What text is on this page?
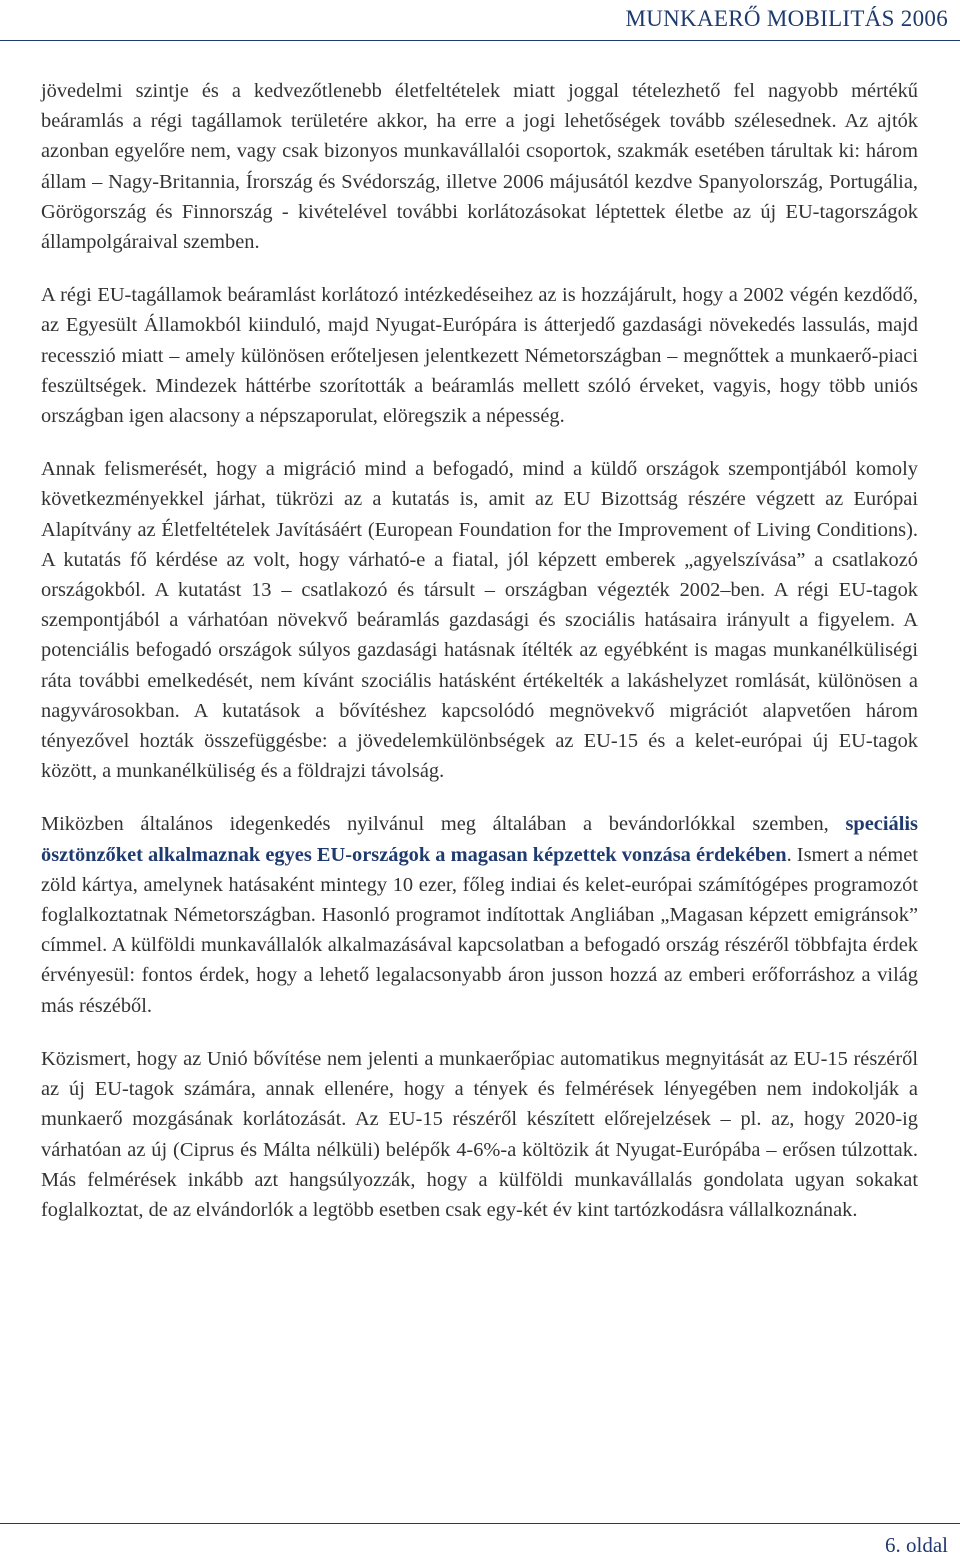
MUNKAERŐ MOBILITÁS 2006

jövedelmi szintje és a kedvezőtlenebb életfeltételek miatt joggal tételezhető fel nagyobb mértékű beáramlás a régi tagállamok területére akkor, ha erre a jogi lehetőségek tovább szélesednek. Az ajtók azonban egyelőre nem, vagy csak bizonyos munkavállalói csoportok, szakmák esetében tárultak ki: három állam – Nagy-Britannia, Írország és Svédország, illetve 2006 májusától kezdve Spanyolország, Portugália, Görögország és Finnország - kivételével további korlátozásokat léptettek életbe az új EU-tagországok állampolgáraival szemben.

A régi EU-tagállamok beáramlást korlátozó intézkedéseihez az is hozzájárult, hogy a 2002 végén kezdődő, az Egyesült Államokból kiinduló, majd Nyugat-Európára is átterjedő gazdasági növekedés lassulás, majd recesszió miatt – amely különösen erőteljesen jelentkezett Németországban – megnőttek a munkaerő-piaci feszültségek. Mindezek háttérbe szorították a beáramlás mellett szóló érveket, vagyis, hogy több uniós országban igen alacsony a népszaporulat, elöregszik a népesség.

Annak felismerését, hogy a migráció mind a befogadó, mind a küldő országok szempontjából komoly következményekkel járhat, tükrözi az a kutatás is, amit az EU Bizottság részére végzett az Európai Alapítvány az Életfeltételek Javításáért (European Foundation for the Improvement of Living Conditions). A kutatás fő kérdése az volt, hogy várható-e a fiatal, jól képzett emberek „agyelszívása” a csatlakozó országokból. A kutatást 13 – csatlakozó és társult – országban végezték 2002–ben. A régi EU-tagok szempontjából a várhatóan növekvő beáramlás gazdasági és szociális hatásaira irányult a figyelem. A potenciális befogadó országok súlyos gazdasági hatásnak ítélték az egyébként is magas munkanélküliségi ráta további emelkedését, nem kívánt szociális hatásként értékelték a lakáshelyzet romlását, különösen a nagyvárosokban. A kutatások a bővítéshez kapcsolódó megnövekvő migrációt alapvetően három tényezővel hozták összefüggésbe: a jövedelemkülönbségek az EU-15 és a kelet-európai új EU-tagok között, a munkanélküliség és a földrajzi távolság.

Miközben általános idegenkedés nyilvánul meg általában a bevándorlókkal szemben, speciális ösztönzőket alkalmaznak egyes EU-országok a magasan képzettek vonzása érdekében. Ismert a német zöld kártya, amelynek hatásaként mintegy 10 ezer, főleg indiai és kelet-európai számítógépes programozót foglalkoztatnak Németországban. Hasonló programot indítottak Angliában „Magasan képzett emigránsok” címmel. A külföldi munkavállalók alkalmazásával kapcsolatban a befogadó ország részéről többfajta érdek érvényesül: fontos érdek, hogy a lehető legalacsonyabb áron jusson hozzá az emberi erőforráshoz a világ más részéből.

Közismert, hogy az Unió bővítése nem jelenti a munkaerőpiac automatikus megnyitását az EU-15 részéről az új EU-tagok számára, annak ellenére, hogy a tények és felmérések lényegében nem indokolják a munkaerő mozgásának korlátozását. Az EU-15 részéről készített előrejelzések – pl. az, hogy 2020-ig várhatóan az új (Ciprus és Málta nélküli) belépők 4-6%-a költözik át Nyugat-Európába – erősen túlzottak. Más felmérések inkább azt hangsúlyozzák, hogy a külföldi munkavállalás gondolata ugyan sokakat foglalkoztat, de az elvándorlók a legtöbb esetben csak egy-két év kint tartózkodásra vállalkoznának.

6. oldal
